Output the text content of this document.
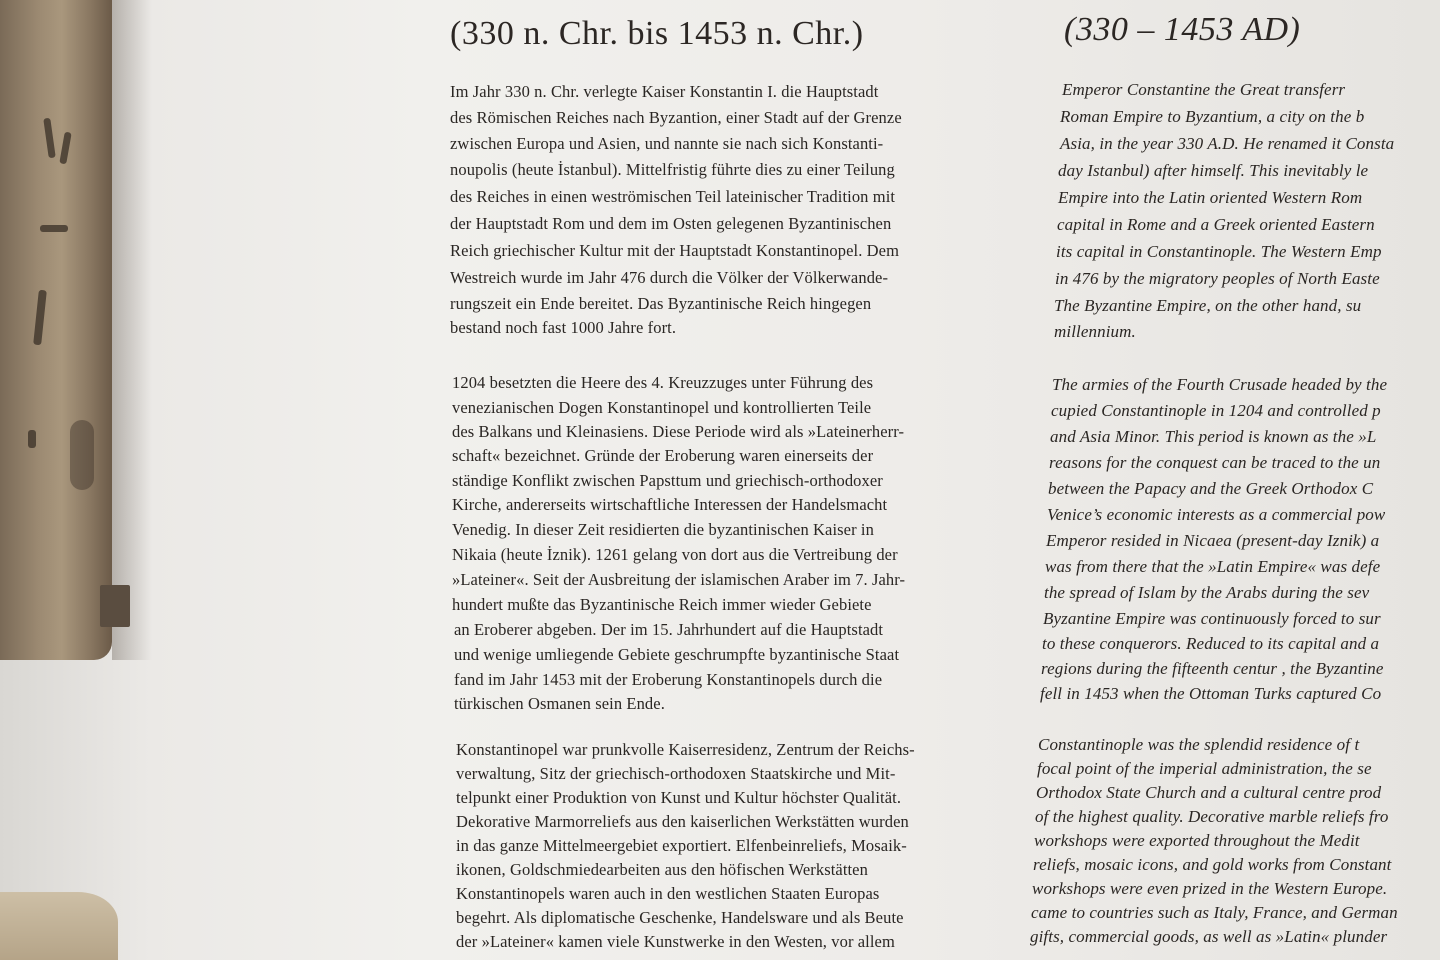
(330 n. Chr. bis 1453 n. Chr.)
Im Jahr 330 n. Chr. verlegte Kaiser Konstantin I. die Hauptstadt
des Römischen Reiches nach Byzantion, einer Stadt auf der Grenze
zwischen Europa und Asien, und nannte sie nach sich Konstanti-
noupolis (heute İstanbul). Mittelfristig führte dies zu einer Teilung
des Reiches in einen weströmischen Teil lateinischer Tradition mit
der Hauptstadt Rom und dem im Osten gelegenen Byzantinischen
Reich griechischer Kultur mit der Hauptstadt Konstantinopel. Dem
Westreich wurde im Jahr 476 durch die Völker der Völkerwande-
rungszeit ein Ende bereitet. Das Byzantinische Reich hingegen
bestand noch fast 1000 Jahre fort.
1204 besetzten die Heere des 4. Kreuzzuges unter Führung des
venezianischen Dogen Konstantinopel und kontrollierten Teile
des Balkans und Kleinasiens. Diese Periode wird als »Lateinerherr-
schaft« bezeichnet. Gründe der Eroberung waren einerseits der
ständige Konflikt zwischen Papsttum und griechisch-orthodoxer
Kirche, andererseits wirtschaftliche Interessen der Handelsmacht
Venedig. In dieser Zeit residierten die byzantinischen Kaiser in
Nikaia (heute İznik). 1261 gelang von dort aus die Vertreibung der
»Lateiner«. Seit der Ausbreitung der islamischen Araber im 7. Jahr-
hundert mußte das Byzantinische Reich immer wieder Gebiete
an Eroberer abgeben. Der im 15. Jahrhundert auf die Hauptstadt
und wenige umliegende Gebiete geschrumpfte byzantinische Staat
fand im Jahr 1453 mit der Eroberung Konstantinopels durch die
türkischen Osmanen sein Ende.
Konstantinopel war prunkvolle Kaiserresidenz, Zentrum der Reichs-
verwaltung, Sitz der griechisch-orthodoxen Staatskirche und Mit-
telpunkt einer Produktion von Kunst und Kultur höchster Qualität.
Dekorative Marmorreliefs aus den kaiserlichen Werkstätten wurden
in das ganze Mittelmeergebiet exportiert. Elfenbeinreliefs, Mosaik-
ikonen, Goldschmiedearbeiten aus den höfischen Werkstätten
Konstantinopels waren auch in den westlichen Staaten Europas
begehrt. Als diplomatische Geschenke, Handelsware und als Beute
der »Lateiner« kamen viele Kunstwerke in den Westen, vor allem
(330 – 1453 AD)
Emperor Constantine the Great transferr
Roman Empire to Byzantium, a city on the b
Asia, in the year 330 A.D. He renamed it Consta
day Istanbul) after himself. This inevitably le
Empire into the Latin oriented Western Rom
capital in Rome and a Greek oriented Eastern
its capital in Constantinople. The Western Emp
in 476 by the migratory peoples of North Easte
The Byzantine Empire, on the other hand, su
millennium.
The armies of the Fourth Crusade headed by the
cupied Constantinople in 1204 and controlled p
and Asia Minor. This period is known as the »L
reasons for the conquest can be traced to the un
between the Papacy and the Greek Orthodox C
Venice’s economic interests as a commercial pow
Emperor resided in Nicaea (present-day Iznik) a
was from there that the »Latin Empire« was defe
the spread of Islam by the Arabs during the sev
Byzantine Empire was continuously forced to sur
to these conquerors. Reduced to its capital and a
regions during the fifteenth centur , the Byzantine
fell in 1453 when the Ottoman Turks captured Co
Constantinople was the splendid residence of t
focal point of the imperial administration, the se
Orthodox State Church and a cultural centre prod
of the highest quality. Decorative marble reliefs fro
workshops were exported throughout the Medit
reliefs, mosaic icons, and gold works from Constant
workshops were even prized in the Western Europe.
came to countries such as Italy, France, and German
gifts, commercial goods, as well as »Latin« plunder
